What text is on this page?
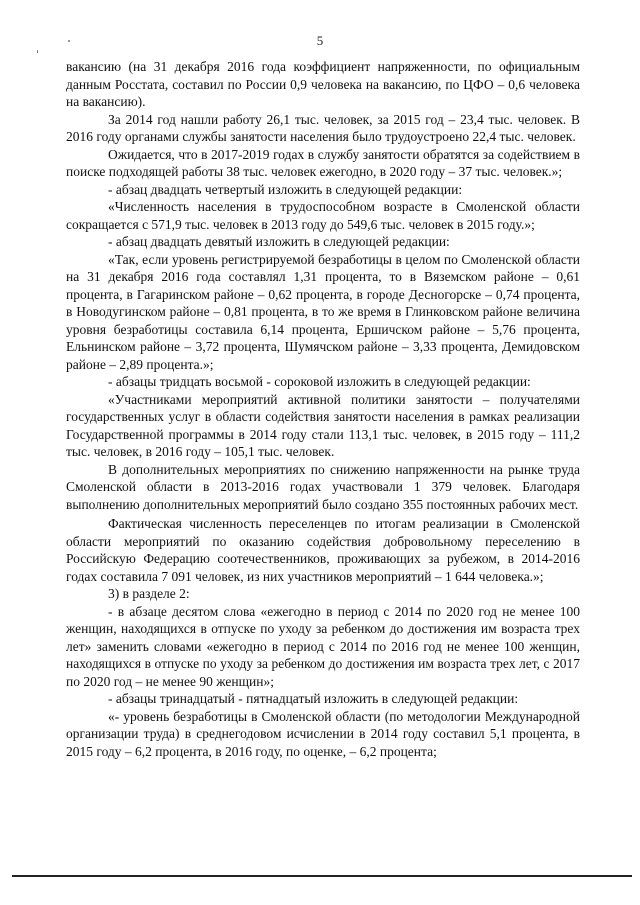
5

вакансию (на 31 декабря 2016 года коэффициент напряженности, по официальным данным Росстата, составил по России 0,9 человека на вакансию, по ЦФО – 0,6 человека на вакансию).

За 2014 год нашли работу 26,1 тыс. человек, за 2015 год – 23,4 тыс. человек. В 2016 году органами службы занятости населения было трудоустроено 22,4 тыс. человек.

Ожидается, что в 2017-2019 годах в службу занятости обратятся за содействием в поиске подходящей работы 38 тыс. человек ежегодно, в 2020 году – 37 тыс. человек.»;

- абзац двадцать четвертый изложить в следующей редакции:

«Численность населения в трудоспособном возрасте в Смоленской области сокращается с 571,9 тыс. человек в 2013 году до 549,6 тыс. человек в 2015 году.»;

- абзац двадцать девятый изложить в следующей редакции:

«Так, если уровень регистрируемой безработицы в целом по Смоленской области на 31 декабря 2016 года составлял 1,31 процента, то в Вяземском районе – 0,61 процента, в Гагаринском районе – 0,62 процента, в городе Десногорске – 0,74 процента, в Новодугинском районе – 0,81 процента, в то же время в Глинковском районе величина уровня безработицы составила 6,14 процента, Ершичском районе – 5,76 процента, Ельнинском районе – 3,72 процента, Шумячском районе – 3,33 процента, Демидовском районе – 2,89 процента.»;

- абзацы тридцать восьмой - сороковой изложить в следующей редакции:

«Участниками мероприятий активной политики занятости – получателями государственных услуг в области содействия занятости населения в рамках реализации Государственной программы в 2014 году стали 113,1 тыс. человек, в 2015 году – 111,2 тыс. человек, в 2016 году – 105,1 тыс. человек.

В дополнительных мероприятиях по снижению напряженности на рынке труда Смоленской области в 2013-2016 годах участвовали 1 379 человек. Благодаря выполнению дополнительных мероприятий было создано 355 постоянных рабочих мест.

Фактическая численность переселенцев по итогам реализации в Смоленской области мероприятий по оказанию содействия добровольному переселению в Российскую Федерацию соотечественников, проживающих за рубежом, в 2014-2016 годах составила 7 091 человек, из них участников мероприятий – 1 644 человека.»;

3) в разделе 2:

- в абзаце десятом слова «ежегодно в период с 2014 по 2020 год не менее 100 женщин, находящихся в отпуске по уходу за ребенком до достижения им возраста трех лет» заменить словами «ежегодно в период с 2014 по 2016 год не менее 100 женщин, находящихся в отпуске по уходу за ребенком до достижения им возраста трех лет, с 2017 по 2020 год – не менее 90 женщин»;

- абзацы тринадцатый - пятнадцатый изложить в следующей редакции:

«- уровень безработицы в Смоленской области (по методологии Международной организации труда) в среднегодовом исчислении в 2014 году составил 5,1 процента, в 2015 году – 6,2 процента, в 2016 году, по оценке, – 6,2 процента;
